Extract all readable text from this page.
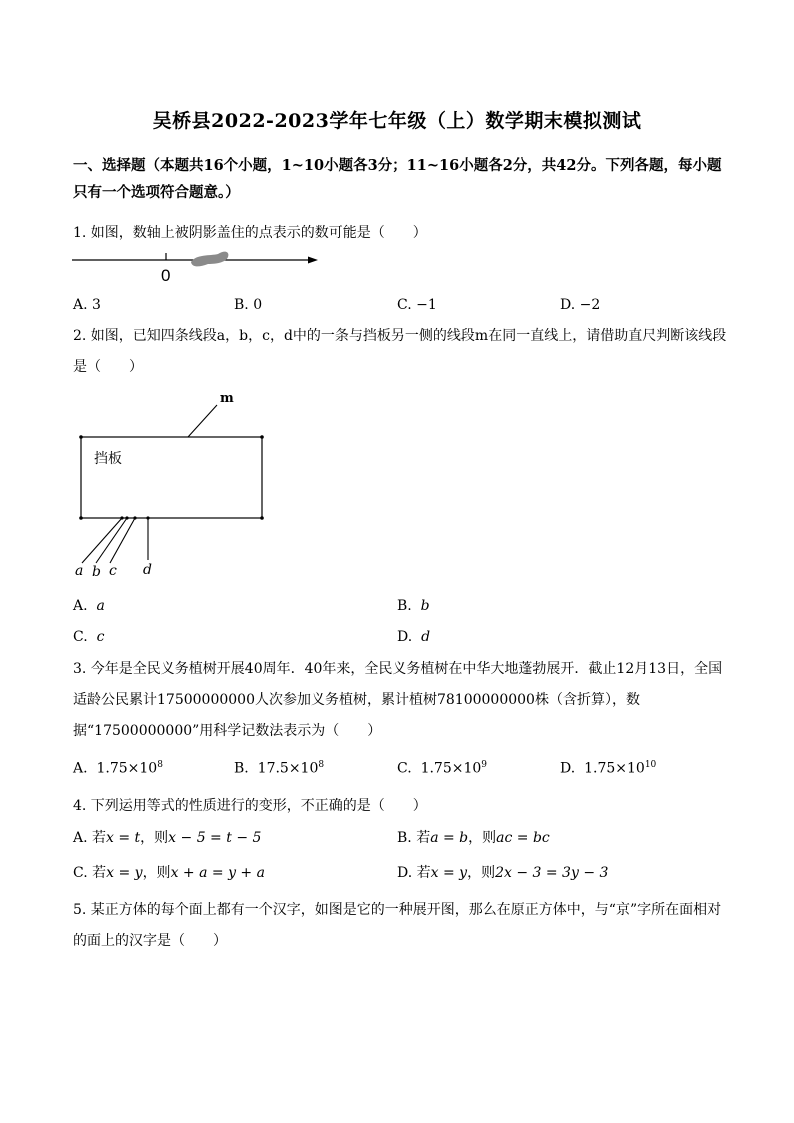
吴桥县2022-2023学年七年级（上）数学期末模拟测试
一、选择题（本题共16个小题，1~10小题各3分；11~16小题各2分，共42分。下列各题，每小题只有一个选项符合题意。）
1. 如图，数轴上被阴影盖住的点表示的数可能是（　　）
0
A. 3	B. 0	C. −1	D. −2
2. 如图，已知四条线段a，b，c，d中的一条与挡板另一侧的线段m在同一直线上，请借助直尺判断该线段是（　　）
挡板
m
a b c d
A. a	B. b
C. c	D. d
3. 今年是全民义务植树开展40周年．40年来，全民义务植树在中华大地蓬勃展开．截止12月13日，全国适龄公民累计17500000000人次参加义务植树，累计植树78100000000株（含折算），数据“17500000000”用科学记数法表示为（　　）
A. $1.75\times 10^8$	B. $17.5\times 10^8$	C. $1.75\times 10^9$	D. $1.75\times 10^{10}$
4. 下列运用等式的性质进行的变形，不正确的是（　　）
A. 若x = t，则x − 5 = t − 5	B. 若a = b，则ac = bc
C. 若x = y，则x + a = y + a	D. 若x = y，则2x − 3 = 3y − 3
5. 某正方体的每个面上都有一个汉字，如图是它的一种展开图，那么在原正方体中，与“京”字所在面相对的面上的汉字是（　　）
